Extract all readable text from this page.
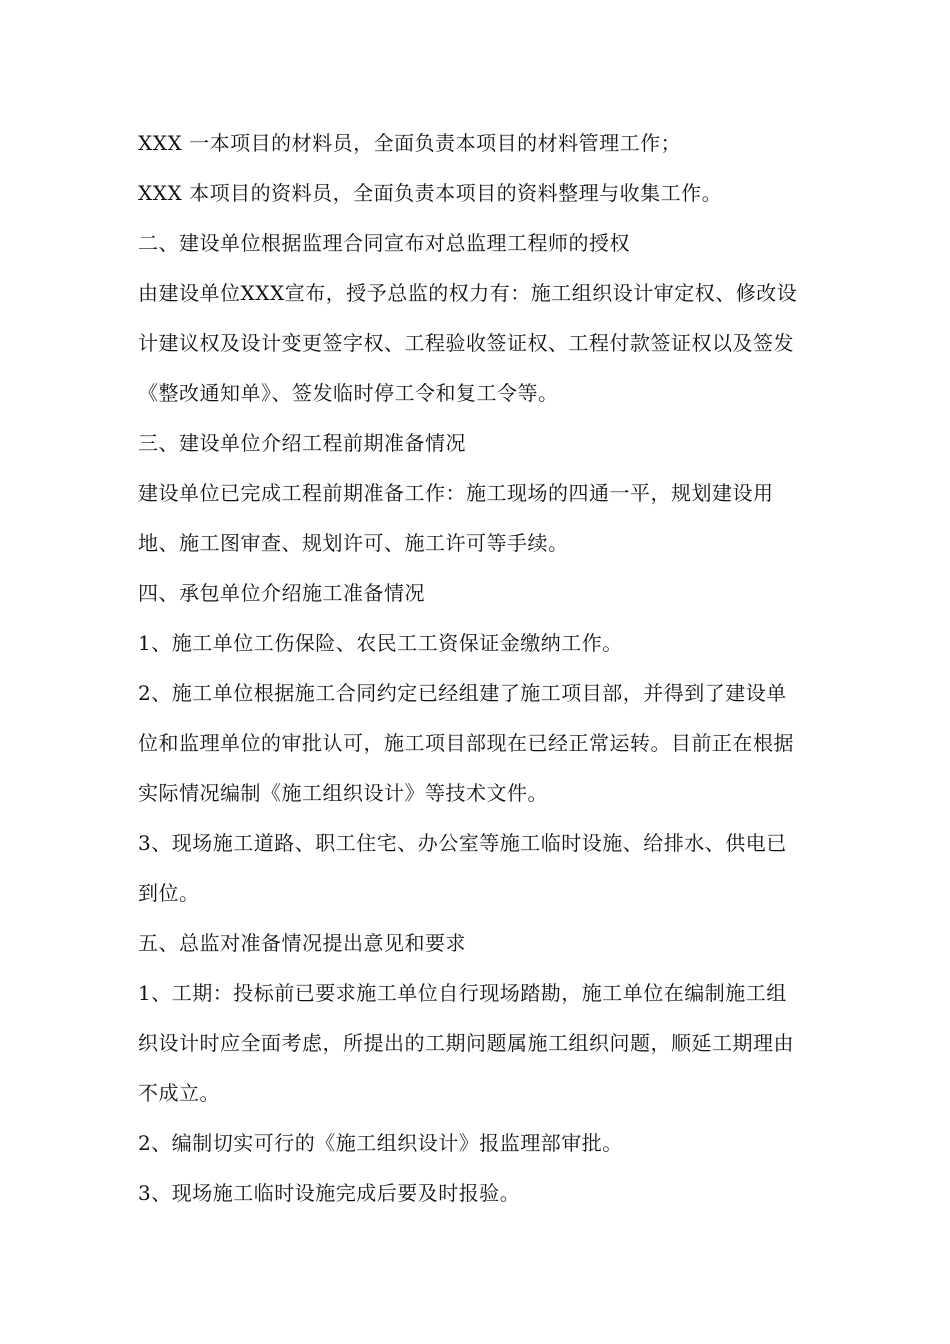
XXX 一本项目的材料员，全面负责本项目的材料管理工作；
XXX 本项目的资料员，全面负责本项目的资料整理与收集工作。
二、建设单位根据监理合同宣布对总监理工程师的授权
由建设单位XXX宣布，授予总监的权力有：施工组织设计审定权、修改设
计建议权及设计变更签字权、工程验收签证权、工程付款签证权以及签发
《整改通知单》、签发临时停工令和复工令等。
三、建设单位介绍工程前期准备情况
建设单位已完成工程前期准备工作：施工现场的四通一平，规划建设用
地、施工图审查、规划许可、施工许可等手续。
四、承包单位介绍施工准备情况
1、施工单位工伤保险、农民工工资保证金缴纳工作。
2、施工单位根据施工合同约定已经组建了施工项目部，并得到了建设单
位和监理单位的审批认可，施工项目部现在已经正常运转。目前正在根据
实际情况编制《施工组织设计》等技术文件。
3、现场施工道路、职工住宅、办公室等施工临时设施、给排水、供电已
到位。
五、总监对准备情况提出意见和要求
1、工期：投标前已要求施工单位自行现场踏勘，施工单位在编制施工组
织设计时应全面考虑，所提出的工期问题属施工组织问题，顺延工期理由
不成立。
2、编制切实可行的《施工组织设计》报监理部审批。
3、现场施工临时设施完成后要及时报验。
